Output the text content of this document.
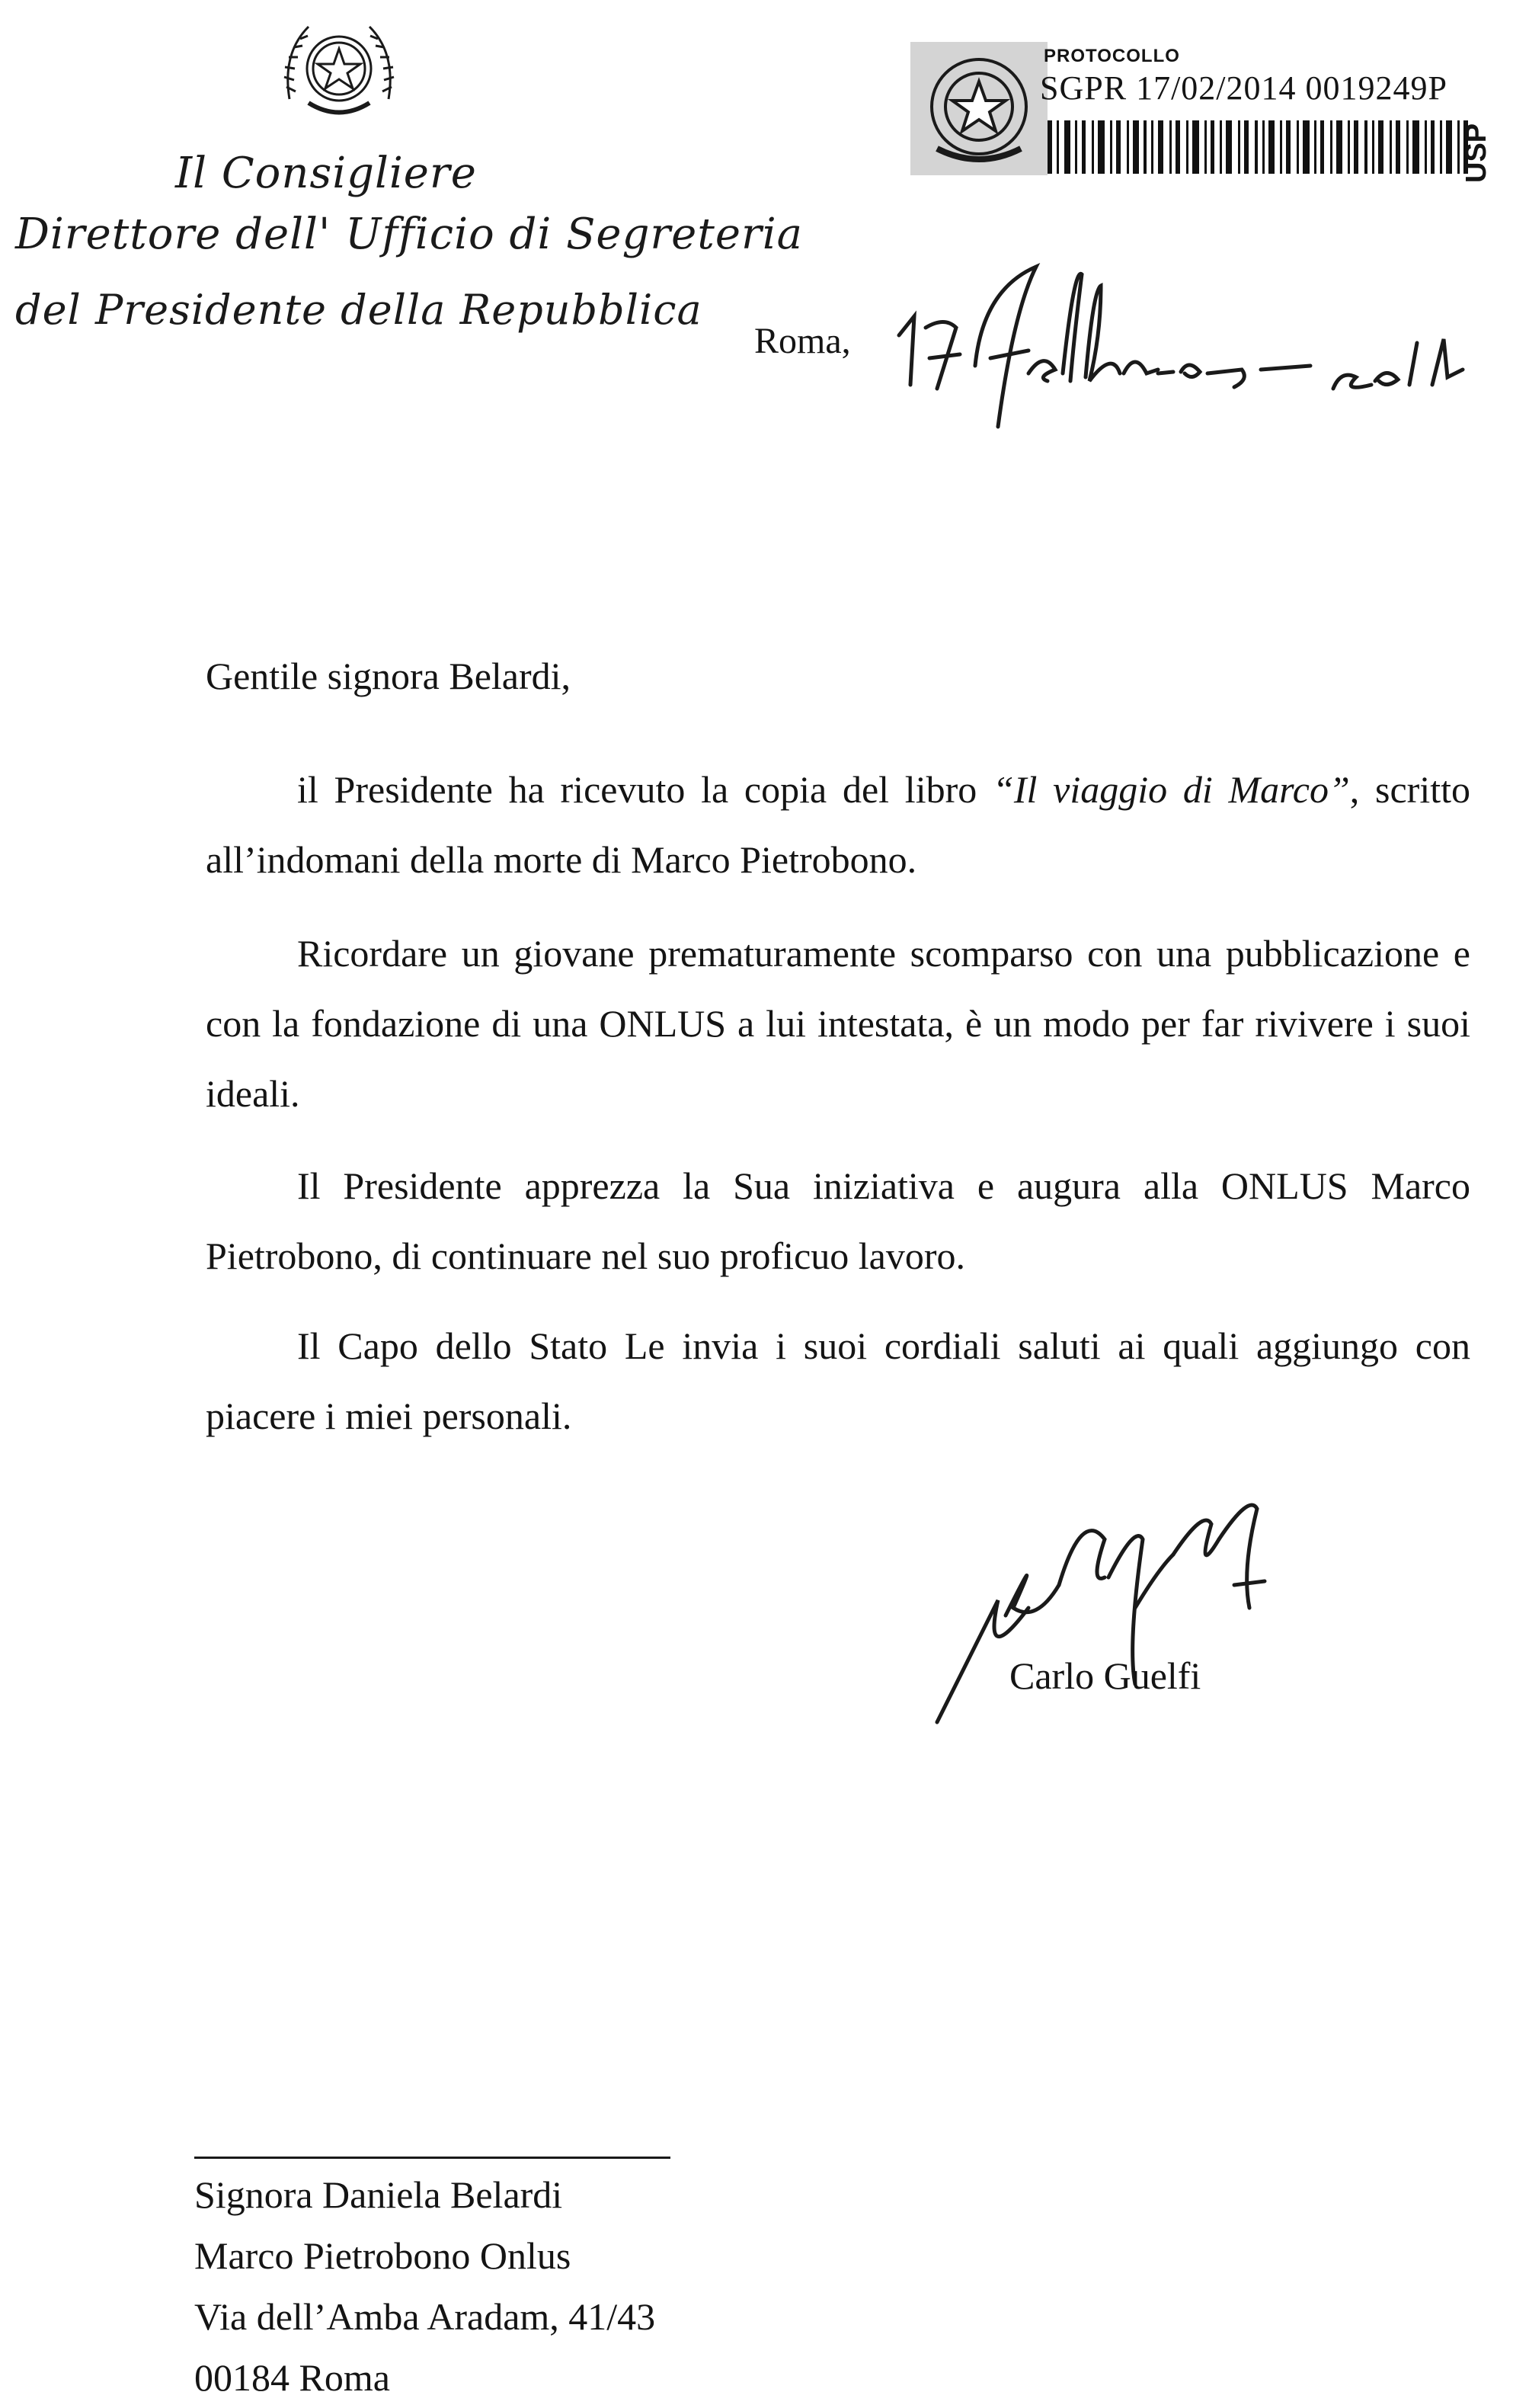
Il Consigliere
Direttore dell' Ufficio di Segreteria
del Presidente della Repubblica
PROTOCOLLO
SGPR 17/02/2014 0019249P
USP
Roma,
Gentile signora Belardi,
il Presidente ha ricevuto la copia del libro “Il viaggio di Marco”, scritto all’indomani della morte di Marco Pietrobono.
Ricordare un giovane prematuramente scomparso con una pubblicazione e con la fondazione di una ONLUS a lui intestata, è un modo per far rivivere i suoi ideali.
Il Presidente apprezza la Sua iniziativa e augura alla ONLUS Marco Pietrobono, di continuare nel suo proficuo lavoro.
Il Capo dello Stato Le invia i suoi cordiali saluti ai quali aggiungo con piacere i miei personali.
Carlo Guelfi
Signora Daniela Belardi
Marco Pietrobono Onlus
Via dell’Amba Aradam, 41/43
00184 Roma
